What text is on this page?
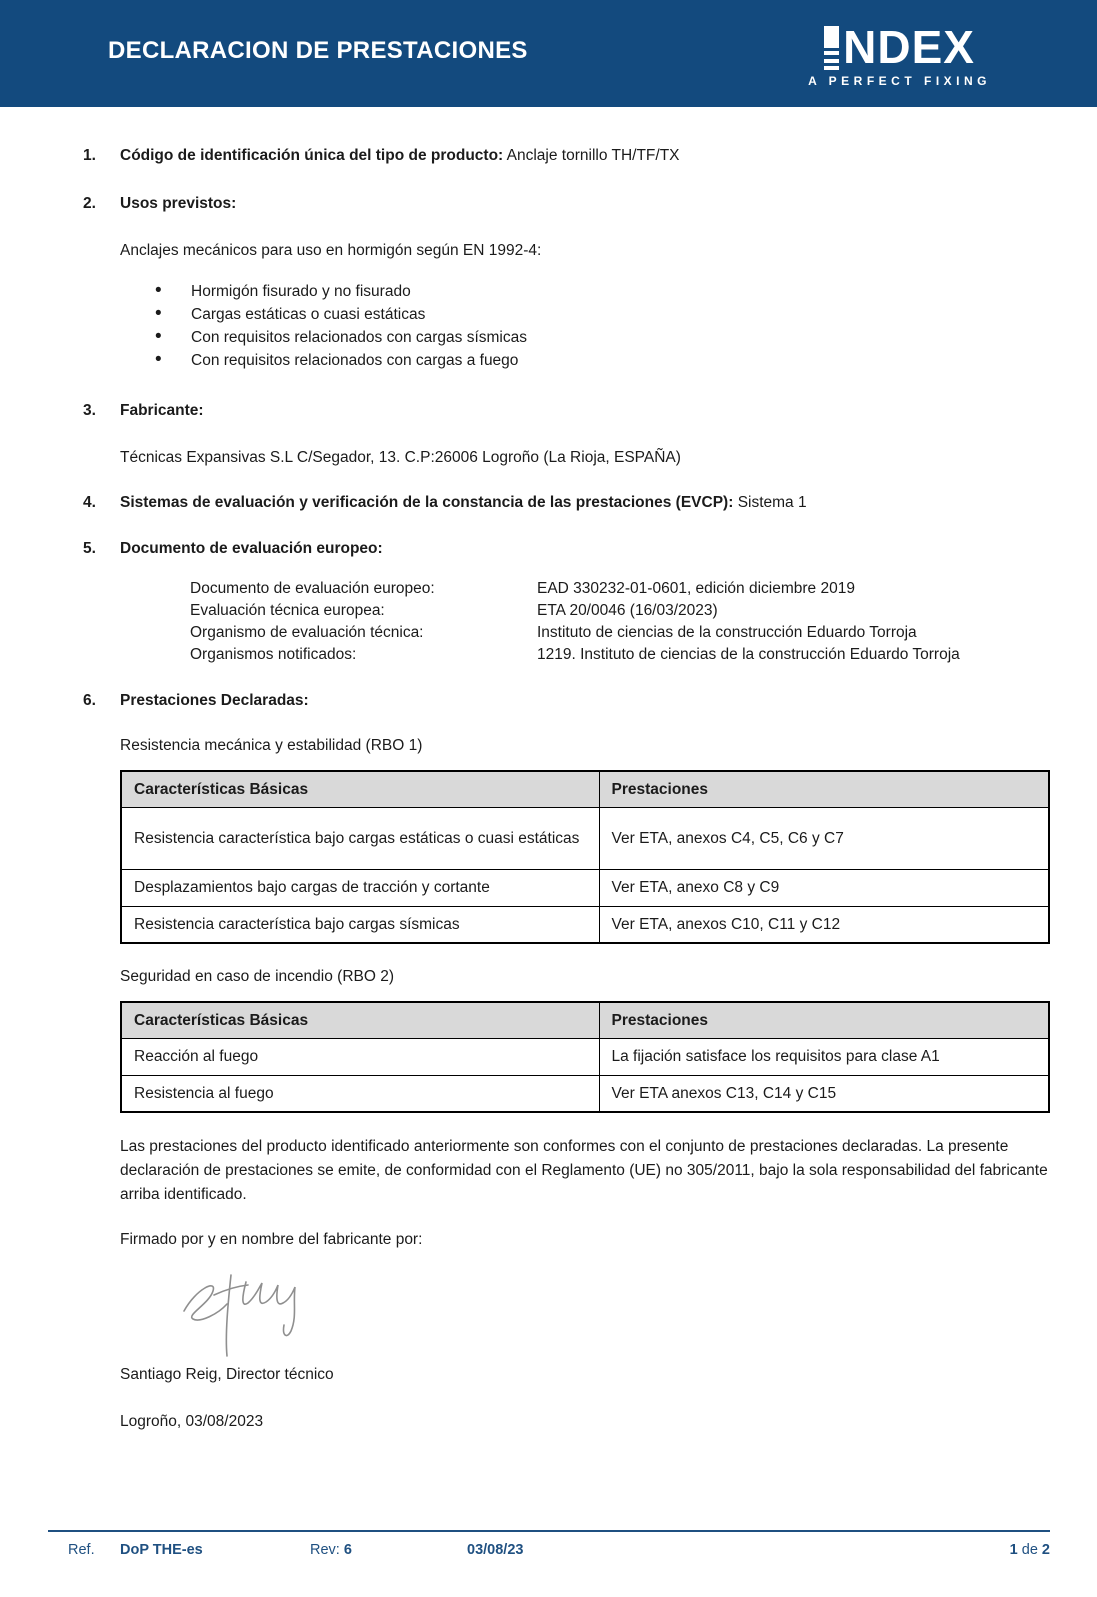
DECLARACION DE PRESTACIONES	NDEX
A PERFECT FIXING
1.	Código de identificación única del tipo de producto: Anclaje tornillo TH/TF/TX

2.	Usos previstos:

Anclajes mecánicos para uso en hormigón según EN 1992-4:

• Hormigón fisurado y no fisurado
• Cargas estáticas o cuasi estáticas
• Con requisitos relacionados con cargas sísmicas
• Con requisitos relacionados con cargas a fuego
3.	Fabricante:

Técnicas Expansivas S.L C/Segador, 13. C.P:26006 Logroño (La Rioja, ESPAÑA)

4.	Sistemas de evaluación y verificación de la constancia de las prestaciones (EVCP): Sistema 1

5.	Documento de evaluación europeo:

Documento de evaluación europeo:	EAD 330232-01-0601, edición diciembre 2019
Evaluación técnica europea:	ETA 20/0046 (16/03/2023)
Organismo de evaluación técnica:	Instituto de ciencias de la construcción Eduardo Torroja
Organismos notificados:	1219. Instituto de ciencias de la construcción Eduardo Torroja
6.	Prestaciones Declaradas:

Resistencia mecánica y estabilidad (RBO 1)

Características Básicas	Prestaciones
Resistencia característica bajo cargas estáticas o cuasi estáticas	Ver ETA, anexos C4, C5, C6 y C7
Desplazamientos bajo cargas de tracción y cortante	Ver ETA, anexo C8 y C9
Resistencia característica bajo cargas sísmicas	Ver ETA, anexos C10, C11 y C12

Seguridad en caso de incendio (RBO 2)

Características Básicas	Prestaciones
Reacción al fuego	La fijación satisface los requisitos para clase A1
Resistencia al fuego	Ver ETA anexos C13, C14 y C15

Las prestaciones del producto identificado anteriormente son conformes con el conjunto de prestaciones declaradas. La presente declaración de prestaciones se emite, de conformidad con el Reglamento (UE) no 305/2011, bajo la sola responsabilidad del fabricante arriba identificado.

Firmado por y en nombre del fabricante por:

Santiago Reig, Director técnico

Logroño, 03/08/2023

Ref.	DoP THE-es	Rev: 6	03/08/23	1 de 2
